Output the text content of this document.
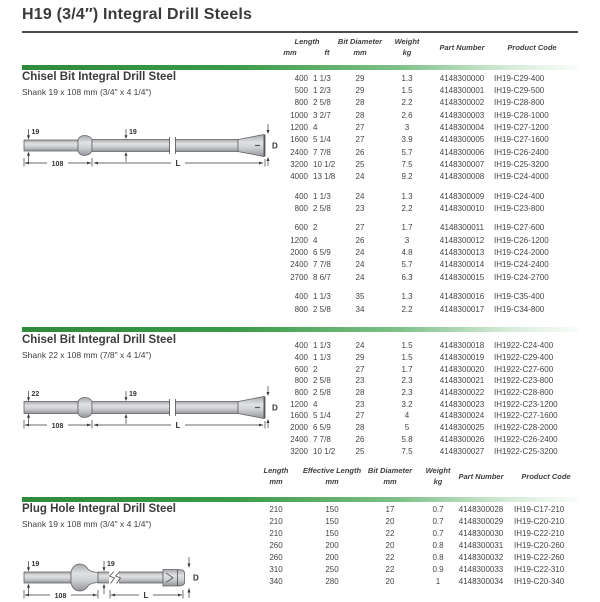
H19 (3/4″) Integral Drill Steels
Length
mm	ft
Bit Diameter
mm
Weight
kg
Part Number	Product Code
Chisel Bit Integral Drill Steel
Shank 19 x 108 mm (3/4" x 4 1/4")
19	19
D
108	L
400 1 1/3	29	1.3	4148300000	IH19-C29-400
500 1 2/3	29	1.5	4148300001	IH19-C29-500
800 2 5/8	28	2.2	4148300002	IH19-C28-800
1000 3 2/7	28	2.6	4148300003	IH19-C28-1000
1200 4	27	3	4148300004	IH19-C27-1200
1600 5 1/4	27	3.9	4148300005	IH19-C27-1600
2400 7 7/8	26	5.7	4148300006	IH19-C26-2400
3200 10 1/2	25	7.5	4148300007	IH19-C25-3200
4000 13 1/8	24	9.2	4148300008	IH19-C24-4000
400 1 1/3	24	1.3	4148300009	IH19-C24-400
800 2 5/8	23	2.2	4148300010	IH19-C23-800
600 2	27	1.7	4148300011	IH19-C27-600
1200 4	26	3	4148300012	IH19-C26-1200
2000 6 5/9	24	4.8	4148300013	IH19-C24-2000
2400 7 7/8	24	5.7	4148300014	IH19-C24-2400
2700 8 6/7	24	6.3	4148300015	IH19-C24-2700
400 1 1/3	35	1.3	4148300016	IH19-C35-400
800 2 5/8	34	2.2	4148300017	IH19-C34-800
Chisel Bit Integral Drill Steel
Shank 22 x 108 mm (7/8" x 4 1/4")
22	19
D
108	L
400 1 1/3	24	1.5	4148300018	IH1922-C24-400
400 1 1/3	29	1.5	4148300019	IH1922-C29-400
600 2	27	1.7	4148300020	IH1922-C27-600
800 2 5/8	23	2.3	4148300021	IH1922-C23-800
800 2 5/8	28	2.3	4148300022	IH1922-C28-800
1200 4	23	3.2	4148300023	IH1922-C23-1200
1600 5 1/4	27	4	4148300024	IH1922-C27-1600
2000 6 5/9	28	5	4148300025	IH1922-C28-2000
2400 7 7/8	26	5.8	4148300026	IH1922-C26-2400
3200 10 1/2	25	7.5	4148300027	IH1922-C25-3200
Length
mm
Effective Length
mm
Bit Diameter
mm
Weight
kg
Part Number Product Code
Plug Hole Integral Drill Steel
Shank 19 x 108 mm (3/4" x 4 1/4")
19	19
D
108	L
210	150	17	0.7	4148300028	IH19-C17-210
210	150	20	0.7	4148300029	IH19-C20-210
210	150	22	0.7	4148300030	IH19-C22-210
260	200	20	0.8	4148300031	IH19-C20-260
260	200	22	0.8	4148300032	IH19-C22-260
310	250	22	0.9	4148300033	IH19-C22-310
340	280	20	1	4148300034	IH19-C20-340
